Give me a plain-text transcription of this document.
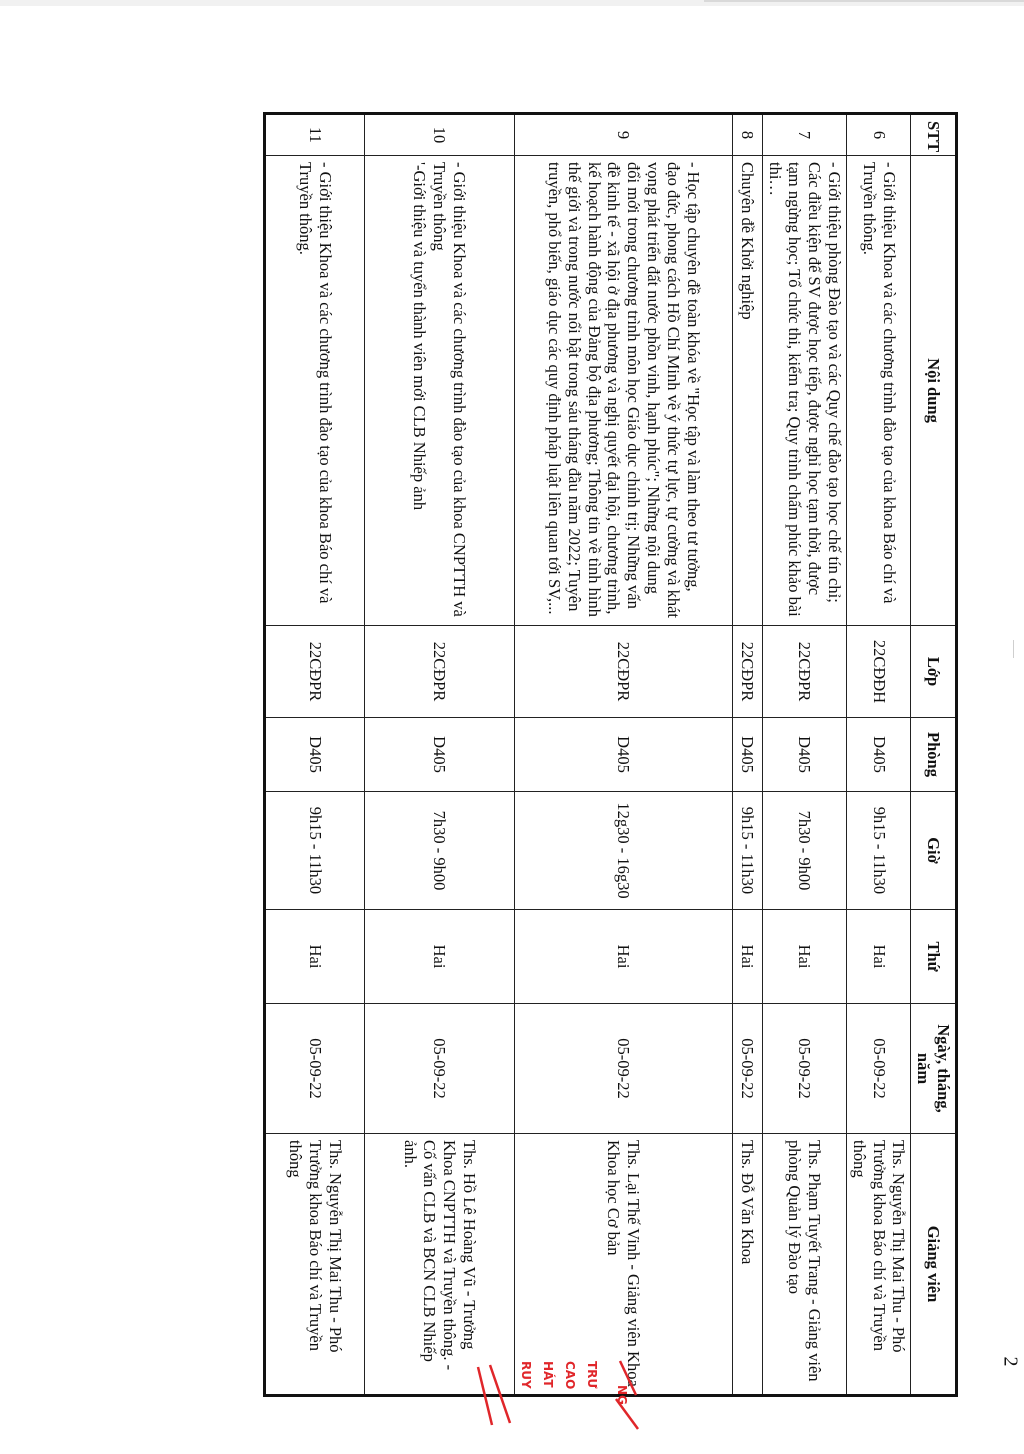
STT	Nội dung	Lớp	Phòng	Giờ	Thứ	Ngày, tháng, năm	Giảng viên
6	- Giới thiệu Khoa và các chương trình đào tạo của khoa Báo chí và Truyền thông.	22CĐĐH	D405	9h15 - 11h30	Hai	05-09-22	Ths. Nguyễn Thị Mai Thu - Phó Trưởng khoa Báo chí và Truyền thông
7	- Giới thiệu phòng Đào tạo và các Quy chế đào tạo học chế tín chỉ; Các điều kiện để SV được học tiếp, được nghỉ học tạm thời, được tạm ngừng học; Tổ chức thi, kiểm tra; Quy trình chấm phúc khảo bài thi…	22CĐPR	D405	7h30 - 9h00	Hai	05-09-22	Ths. Phạm Tuyết Trang - Giảng viên phòng Quản lý Đào tạo
8	Chuyên đề Khởi nghiệp	22CĐPR	D405	9h15 - 11h30	Hai	05-09-22	Ths. Đỗ Văn Khoa
9	- Học tập chuyên đề toàn khóa về "Học tập và làm theo tư tưởng, đạo đức, phong cách Hồ Chí Minh về ý thức tự lực, tự cường và khát vọng phát triển đất nước phồn vinh, hạnh phúc"; Những nội dung đổi mới trong chương trình môn học Giáo dục chính trị; Những vấn đề kinh tế - xã hội ở địa phương và nghị quyết đại hội, chương trình, kế hoạch hành động của Đảng bộ địa phương; Thông tin về tình hình thế giới và trong nước nổi bật trong sáu tháng đầu năm 2022; Tuyên truyền, phổ biến, giáo dục các quy định pháp luật liên quan tới SV,...	22CĐPR	D405	12g30 - 16g30	Hai	05-09-22	Ths. Lại Thế Vinh - Giảng viên Khoa Khoa học Cơ bản
10	- Giới thiệu Khoa và các chương trình đào tạo của khoa CNPTTH và Truyền thông
'-Giới thiệu và tuyển thành viên mới CLB Nhiếp ảnh	22CĐPR	D405	7h30 - 9h00	Hai	05-09-22	Ths. Hồ Lê Hoàng Vũ - Trưởng Khoa CNPTTH và Truyền thông. - Cố vấn CLB và BCN CLB Nhiếp ảnh.
11	- Giới thiệu Khoa và các chương trình đào tạo của khoa Báo chí và Truyền thông.	22CĐPR	D405	9h15 - 11h30	Hai	05-09-22	Ths. Nguyễn Thị Mai Thu - Phó Trưởng khoa Báo chí và Truyền thông
2
NG
TRƯ
CAO
HÁT
RUY
